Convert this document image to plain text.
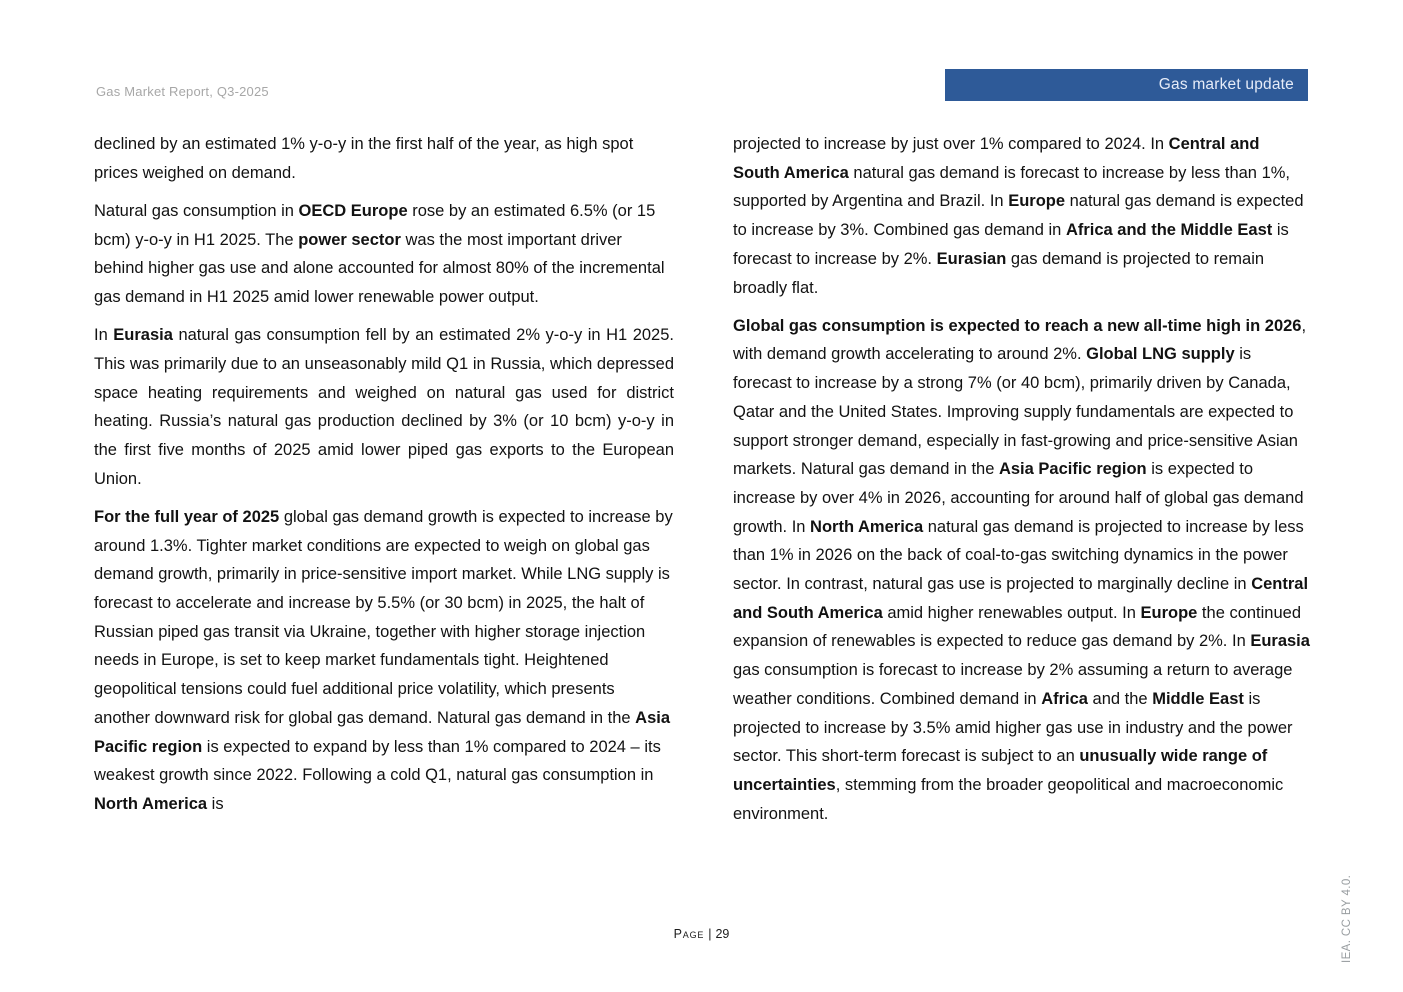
Gas Market Report, Q3-2025	Gas market update

declined by an estimated 1% y-o-y in the first half of the year, as high spot prices weighed on demand.

Natural gas consumption in OECD Europe rose by an estimated 6.5% (or 15 bcm) y-o-y in H1 2025. The power sector was the most important driver behind higher gas use and alone accounted for almost 80% of the incremental gas demand in H1 2025 amid lower renewable power output.

In Eurasia natural gas consumption fell by an estimated 2% y-o-y in H1 2025. This was primarily due to an unseasonably mild Q1 in Russia, which depressed space heating requirements and weighed on natural gas used for district heating. Russia’s natural gas production declined by 3% (or 10 bcm) y-o-y in the first five months of 2025 amid lower piped gas exports to the European Union.

For the full year of 2025 global gas demand growth is expected to increase by around 1.3%. Tighter market conditions are expected to weigh on global gas demand growth, primarily in price-sensitive import market. While LNG supply is forecast to accelerate and increase by 5.5% (or 30 bcm) in 2025, the halt of Russian piped gas transit via Ukraine, together with higher storage injection needs in Europe, is set to keep market fundamentals tight. Heightened geopolitical tensions could fuel additional price volatility, which presents another downward risk for global gas demand. Natural gas demand in the Asia Pacific region is expected to expand by less than 1% compared to 2024 – its weakest growth since 2022. Following a cold Q1, natural gas consumption in North America is

projected to increase by just over 1% compared to 2024. In Central and South America natural gas demand is forecast to increase by less than 1%, supported by Argentina and Brazil. In Europe natural gas demand is expected to increase by 3%. Combined gas demand in Africa and the Middle East is forecast to increase by 2%. Eurasian gas demand is projected to remain broadly flat.

Global gas consumption is expected to reach a new all-time high in 2026, with demand growth accelerating to around 2%. Global LNG supply is forecast to increase by a strong 7% (or 40 bcm), primarily driven by Canada, Qatar and the United States. Improving supply fundamentals are expected to support stronger demand, especially in fast-growing and price-sensitive Asian markets. Natural gas demand in the Asia Pacific region is expected to increase by over 4% in 2026, accounting for around half of global gas demand growth. In North America natural gas demand is projected to increase by less than 1% in 2026 on the back of coal-to-gas switching dynamics in the power sector. In contrast, natural gas use is projected to marginally decline in Central and South America amid higher renewables output. In Europe the continued expansion of renewables is expected to reduce gas demand by 2%. In Eurasia gas consumption is forecast to increase by 2% assuming a return to average weather conditions. Combined demand in Africa and the Middle East is projected to increase by 3.5% amid higher gas use in industry and the power sector. This short-term forecast is subject to an unusually wide range of uncertainties, stemming from the broader geopolitical and macroeconomic environment.

Page | 29	IEA. CC BY 4.0.
